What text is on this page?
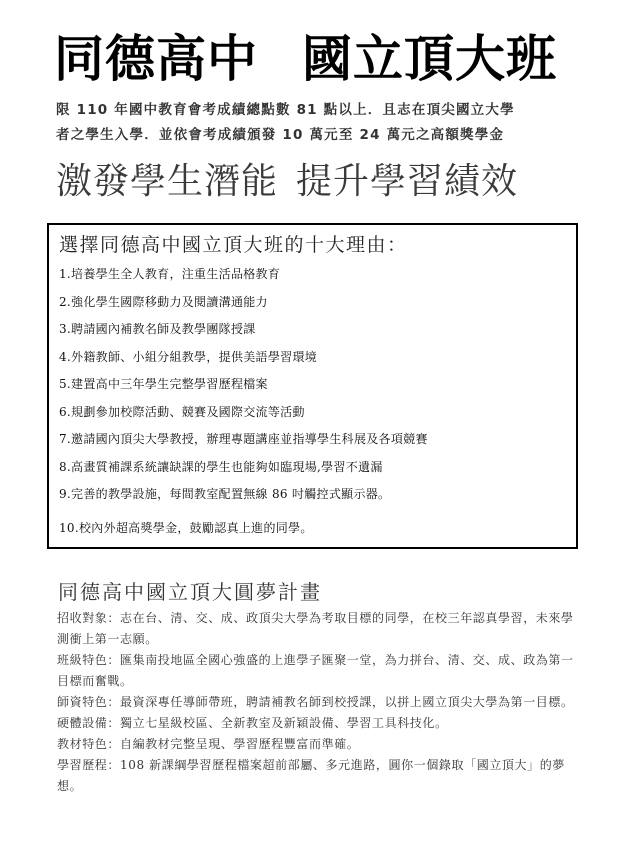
同德高中 國立頂大班
限 110 年國中教育會考成績總點數 81 點以上．且志在頂尖國立大學
者之學生入學．並依會考成績頒發 10 萬元至 24 萬元之高額獎學金
激發學生潛能 提升學習績效
選擇同德高中國立頂大班的十大理由：
1.培養學生全人教育，注重生活品格教育
2.強化學生國際移動力及閱讀溝通能力
3.聘請國內補教名師及教學團隊授課
4.外籍教師、小組分組教學，提供美語學習環境
5.建置高中三年學生完整學習歷程檔案
6.規劃參加校際活動、競賽及國際交流等活動
7.邀請國內頂尖大學教授，辦理專題講座並指導學生科展及各項競賽
8.高畫質補課系統讓缺課的學生也能夠如臨現場,學習不遺漏
9.完善的教學設施，每間教室配置無線 86 吋觸控式顯示器。
10.校內外超高獎學金，鼓勵認真上進的同學。
同德高中國立頂大圓夢計畫
招收對象：志在台、清、交、成、政頂尖大學為考取目標的同學，在校三年認真學習，未來學測衝上第一志願。
班級特色：匯集南投地區全國心強盛的上進學子匯聚一堂，為力拼台、清、交、成、政為第一目標而奮戰。
師資特色：最資深專任導師帶班，聘請補教名師到校授課，以拼上國立頂尖大學為第一目標。
硬體設備：獨立七星級校區、全新教室及新穎設備、學習工具科技化。
教材特色：自編教材完整呈現、學習歷程豐富而準確。
學習歷程：108 新課綱學習歷程檔案超前部屬、多元進路，圓你一個錄取「國立頂大」的夢想。
